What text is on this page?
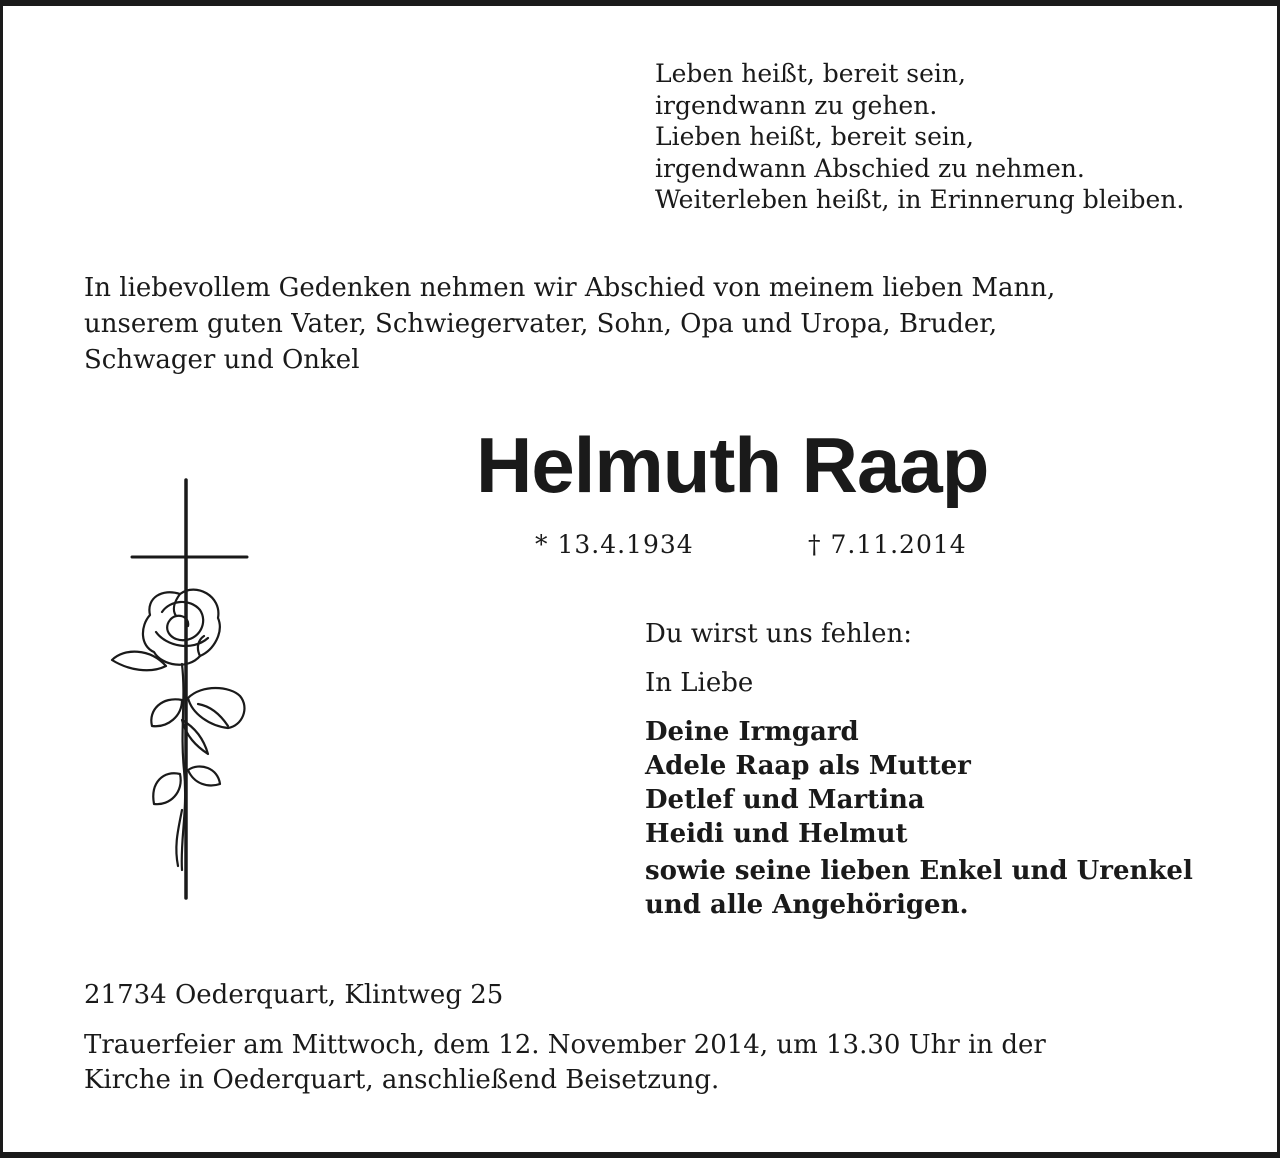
Leben heißt, bereit sein,
irgendwann zu gehen.
Lieben heißt, bereit sein,
irgendwann Abschied zu nehmen.
Weiterleben heißt, in Erinnerung bleiben.
In liebevollem Gedenken nehmen wir Abschied von meinem lieben Mann,
unserem guten Vater, Schwiegervater, Sohn, Opa und Uropa, Bruder,
Schwager und Onkel
Helmuth Raap
* 13.4.1934	† 7.11.2014
Du wirst uns fehlen:
In Liebe
Deine Irmgard
Adele Raap als Mutter
Detlef und Martina
Heidi und Helmut
sowie seine lieben Enkel und Urenkel
und alle Angehörigen.
21734 Oederquart, Klintweg 25
Trauerfeier am Mittwoch, dem 12. November 2014, um 13.30 Uhr in der
Kirche in Oederquart, anschließend Beisetzung.
